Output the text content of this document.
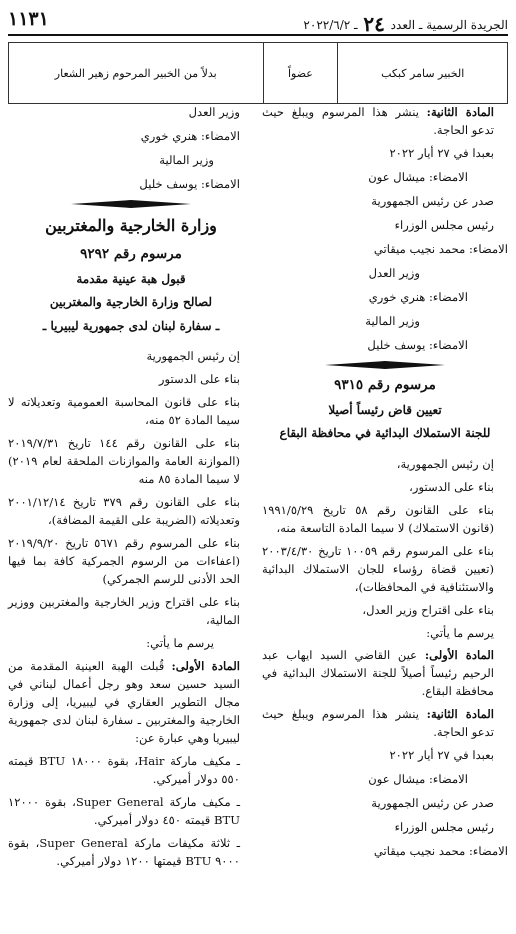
الجريدة الرسمية ـ العدد ٢٤ ـ ٢٠٢٢/٦/٢
١١٣١
الخبير سامر كبكب	عضواً	بدلاً من الخبير المرحوم زهير الشعار

المادة الثانية: ينشر هذا المرسوم ويبلغ حيث تدعو الحاجة.

بعبدا في ٢٧ أيار ٢٠٢٢

الامضاء: ميشال عون

صدر عن رئيس الجمهورية

رئيس مجلس الوزراء

الامضاء: محمد نجيب ميقاتي

وزير العدل

الامضاء: هنري خوري

وزير المالية

الامضاء: يوسف خليل

مرسوم رقم ٩٣١٥

تعيين قاض رئيساً أصيلا

للجنة الاستملاك البدائية في محافظة البقاع

إن رئيس الجمهورية،

بناء على الدستور،

بناء على القانون رقم ٥٨ تاريخ ١٩٩١/٥/٢٩ (قانون الاستملاك) لا سيما المادة التاسعة منه،

بناء على المرسوم رقم ١٠٠٥٩ تاريخ ٢٠٠٣/٤/٣٠ (تعيين قضاة رؤساء للجان الاستملاك البدائية والاستئنافية في المحافظات)،

بناء على اقتراح وزير العدل،

يرسم ما يأتي:

المادة الأولى: عين القاضي السيد ايهاب عبد الرحيم رئيساً أصيلاً للجنة الاستملاك البدائية في محافظة البقاع.

المادة الثانية: ينشر هذا المرسوم ويبلغ حيث تدعو الحاجة.

بعبدا في ٢٧ أيار ٢٠٢٢

الامضاء: ميشال عون

صدر عن رئيس الجمهورية

رئيس مجلس الوزراء

الامضاء: محمد نجيب ميقاتي

وزير العدل

الامضاء: هنري خوري

وزير المالية

الامضاء: يوسف خليل

وزارة الخارجية والمغتربين

مرسوم رقم ٩٢٩٢

قبول هبة عينية مقدمة

لصالح وزارة الخارجية والمغتربين

ـ سفارة لبنان لدى جمهورية ليبيريا ـ

إن رئيس الجمهورية

بناء على الدستور

بناء على قانون المحاسبة العمومية وتعديلاته لا سيما المادة ٥٢ منه،

بناء على القانون رقم ١٤٤ تاريخ ٢٠١٩/٧/٣١ (الموازنة العامة والموازنات الملحقة لعام ٢٠١٩) لا سيما المادة ٨٥ منه

بناء على القانون رقم ٣٧٩ تاريخ ٢٠٠١/١٢/١٤ وتعديلاته (الضريبة على القيمة المضافة)،

بناء على المرسوم رقم ٥٦٧١ تاريخ ٢٠١٩/٩/٢٠ (اعفاءات من الرسوم الجمركية كافة بما فيها الحد الأدنى للرسم الجمركي)

بناء على اقتراح وزير الخارجية والمغتربين ووزير المالية،

يرسم ما يأتي:

المادة الأولى: قُبلت الهبة العينية المقدمة من السيد حسين سعد وهو رجل أعمال لبناني في مجال التطوير العقاري في ليبيريا، إلى وزارة الخارجية والمغتربين ـ سفارة لبنان لدى جمهورية ليبيريا وهي عبارة عن:

ـ مكيف ماركة Hair، بقوة ١٨٠٠٠ BTU قيمته ٥٥٠ دولار أميركي.

ـ مكيف ماركة Super General، بقوة ١٢٠٠٠ BTU قيمته ٤٥٠ دولار أميركي.

ـ ثلاثة مكيفات ماركة Super General، بقوة ٩٠٠٠ BTU قيمتها ١٢٠٠ دولار أميركي.
